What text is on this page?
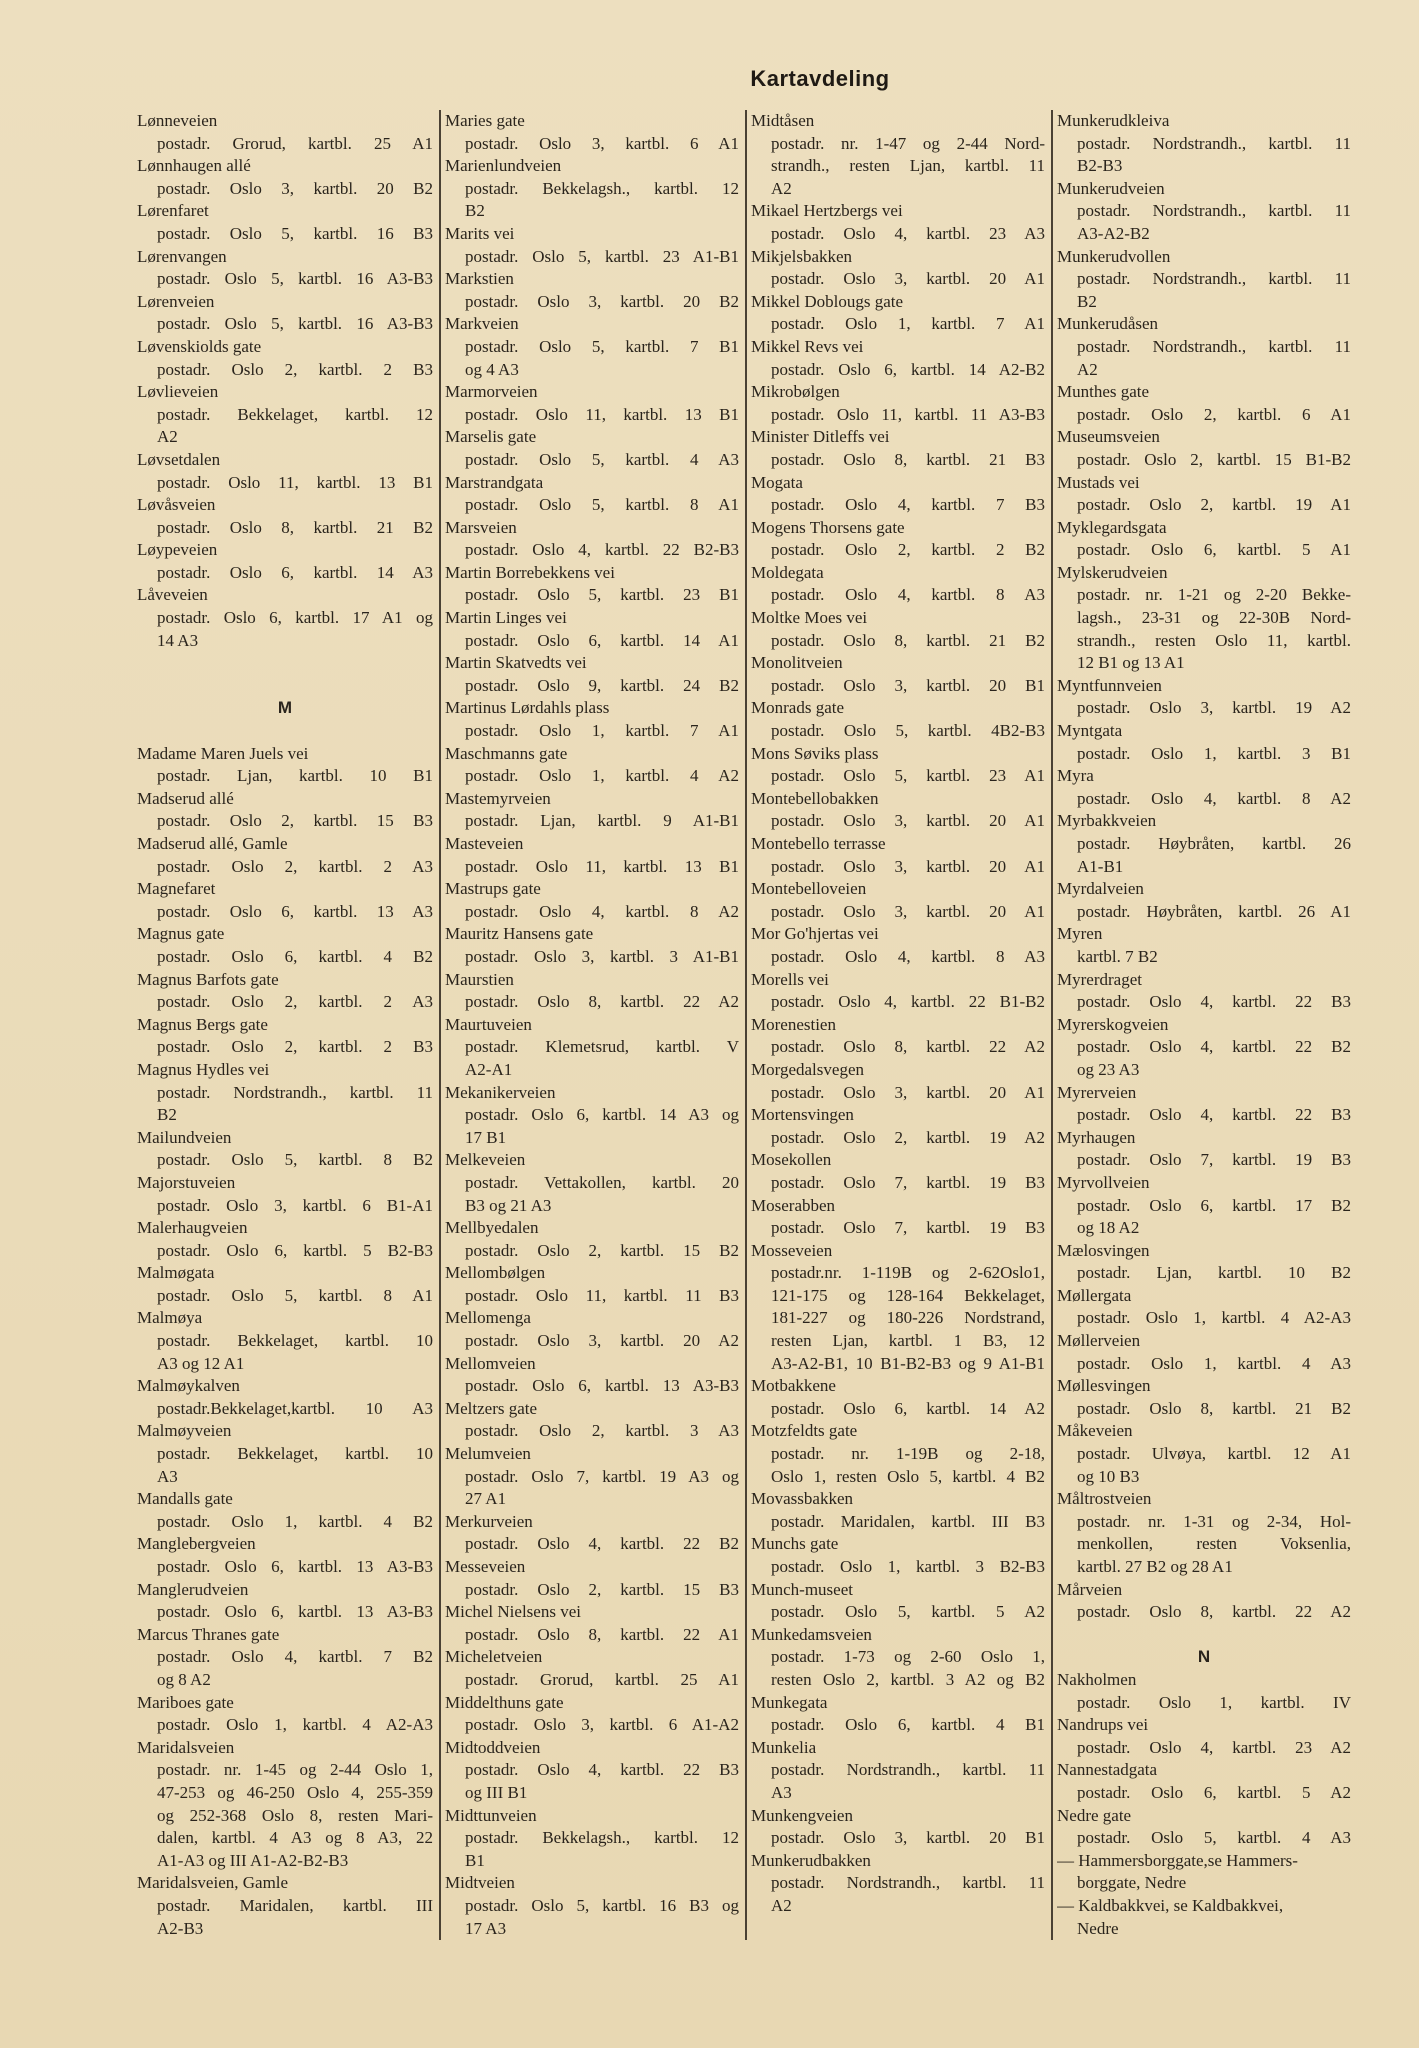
Kartavdeling
Lønneveien
postadr. Grorud, kartbl. 25 A1
Lønnhaugen allé
postadr. Oslo 3, kartbl. 20 B2
Lørenfaret
postadr. Oslo 5, kartbl. 16 B3
Lørenvangen
postadr. Oslo 5, kartbl. 16 A3-B3
Lørenveien
postadr. Oslo 5, kartbl. 16 A3-B3
Løvenskiolds gate
postadr. Oslo 2, kartbl. 2 B3
Løvlieveien
postadr. Bekkelaget, kartbl. 12
A2
Løvsetdalen
postadr. Oslo 11, kartbl. 13 B1
Løvåsveien
postadr. Oslo 8, kartbl. 21 B2
Løypeveien
postadr. Oslo 6, kartbl. 14 A3
Låveveien
postadr. Oslo 6, kartbl. 17 A1 og
14 A3
M
Madame Maren Juels vei
postadr. Ljan, kartbl. 10 B1
Madserud allé
postadr. Oslo 2, kartbl. 15 B3
Madserud allé, Gamle
postadr. Oslo 2, kartbl. 2 A3
Magnefaret
postadr. Oslo 6, kartbl. 13 A3
Magnus gate
postadr. Oslo 6, kartbl. 4 B2
Magnus Barfots gate
postadr. Oslo 2, kartbl. 2 A3
Magnus Bergs gate
postadr. Oslo 2, kartbl. 2 B3
Magnus Hydles vei
postadr. Nordstrandh., kartbl. 11
B2
Mailundveien
postadr. Oslo 5, kartbl. 8 B2
Majorstuveien
postadr. Oslo 3, kartbl. 6 B1-A1
Malerhaugveien
postadr. Oslo 6, kartbl. 5 B2-B3
Malmøgata
postadr. Oslo 5, kartbl. 8 A1
Malmøya
postadr. Bekkelaget, kartbl. 10
A3 og 12 A1
Malmøykalven
postadr.Bekkelaget,kartbl. 10 A3
Malmøyveien
postadr. Bekkelaget, kartbl. 10
A3
Mandalls gate
postadr. Oslo 1, kartbl. 4 B2
Manglebergveien
postadr. Oslo 6, kartbl. 13 A3-B3
Manglerudveien
postadr. Oslo 6, kartbl. 13 A3-B3
Marcus Thranes gate
postadr. Oslo 4, kartbl. 7 B2
og 8 A2
Mariboes gate
postadr. Oslo 1, kartbl. 4 A2-A3
Maridalsveien
postadr. nr. 1-45 og 2-44 Oslo 1,
47-253 og 46-250 Oslo 4, 255-359
og 252-368 Oslo 8, resten Mari-
dalen, kartbl. 4 A3 og 8 A3, 22
A1-A3 og III A1-A2-B2-B3
Maridalsveien, Gamle
postadr. Maridalen, kartbl. III
A2-B3
Maries gate
postadr. Oslo 3, kartbl. 6 A1
Marienlundveien
postadr. Bekkelagsh., kartbl. 12
B2
Marits vei
postadr. Oslo 5, kartbl. 23 A1-B1
Markstien
postadr. Oslo 3, kartbl. 20 B2
Markveien
postadr. Oslo 5, kartbl. 7 B1
og 4 A3
Marmorveien
postadr. Oslo 11, kartbl. 13 B1
Marselis gate
postadr. Oslo 5, kartbl. 4 A3
Marstrandgata
postadr. Oslo 5, kartbl. 8 A1
Marsveien
postadr. Oslo 4, kartbl. 22 B2-B3
Martin Borrebekkens vei
postadr. Oslo 5, kartbl. 23 B1
Martin Linges vei
postadr. Oslo 6, kartbl. 14 A1
Martin Skatvedts vei
postadr. Oslo 9, kartbl. 24 B2
Martinus Lørdahls plass
postadr. Oslo 1, kartbl. 7 A1
Maschmanns gate
postadr. Oslo 1, kartbl. 4 A2
Mastemyrveien
postadr. Ljan, kartbl. 9 A1-B1
Masteveien
postadr. Oslo 11, kartbl. 13 B1
Mastrups gate
postadr. Oslo 4, kartbl. 8 A2
Mauritz Hansens gate
postadr. Oslo 3, kartbl. 3 A1-B1
Maurstien
postadr. Oslo 8, kartbl. 22 A2
Maurtuveien
postadr. Klemetsrud, kartbl. V
A2-A1
Mekanikerveien
postadr. Oslo 6, kartbl. 14 A3 og
17 B1
Melkeveien
postadr. Vettakollen, kartbl. 20
B3 og 21 A3
Mellbyedalen
postadr. Oslo 2, kartbl. 15 B2
Mellombølgen
postadr. Oslo 11, kartbl. 11 B3
Mellomenga
postadr. Oslo 3, kartbl. 20 A2
Mellomveien
postadr. Oslo 6, kartbl. 13 A3-B3
Meltzers gate
postadr. Oslo 2, kartbl. 3 A3
Melumveien
postadr. Oslo 7, kartbl. 19 A3 og
27 A1
Merkurveien
postadr. Oslo 4, kartbl. 22 B2
Messeveien
postadr. Oslo 2, kartbl. 15 B3
Michel Nielsens vei
postadr. Oslo 8, kartbl. 22 A1
Micheletveien
postadr. Grorud, kartbl. 25 A1
Middelthuns gate
postadr. Oslo 3, kartbl. 6 A1-A2
Midtoddveien
postadr. Oslo 4, kartbl. 22 B3
og III B1
Midttunveien
postadr. Bekkelagsh., kartbl. 12
B1
Midtveien
postadr. Oslo 5, kartbl. 16 B3 og
17 A3
Midtåsen
postadr. nr. 1-47 og 2-44 Nord-
strandh., resten Ljan, kartbl. 11
A2
Mikael Hertzbergs vei
postadr. Oslo 4, kartbl. 23 A3
Mikjelsbakken
postadr. Oslo 3, kartbl. 20 A1
Mikkel Doblougs gate
postadr. Oslo 1, kartbl. 7 A1
Mikkel Revs vei
postadr. Oslo 6, kartbl. 14 A2-B2
Mikrobølgen
postadr. Oslo 11, kartbl. 11 A3-B3
Minister Ditleffs vei
postadr. Oslo 8, kartbl. 21 B3
Mogata
postadr. Oslo 4, kartbl. 7 B3
Mogens Thorsens gate
postadr. Oslo 2, kartbl. 2 B2
Moldegata
postadr. Oslo 4, kartbl. 8 A3
Moltke Moes vei
postadr. Oslo 8, kartbl. 21 B2
Monolitveien
postadr. Oslo 3, kartbl. 20 B1
Monrads gate
postadr. Oslo 5, kartbl. 4B2-B3
Mons Søviks plass
postadr. Oslo 5, kartbl. 23 A1
Montebellobakken
postadr. Oslo 3, kartbl. 20 A1
Montebello terrasse
postadr. Oslo 3, kartbl. 20 A1
Montebelloveien
postadr. Oslo 3, kartbl. 20 A1
Mor Go'hjertas vei
postadr. Oslo 4, kartbl. 8 A3
Morells vei
postadr. Oslo 4, kartbl. 22 B1-B2
Morenestien
postadr. Oslo 8, kartbl. 22 A2
Morgedalsvegen
postadr. Oslo 3, kartbl. 20 A1
Mortensvingen
postadr. Oslo 2, kartbl. 19 A2
Mosekollen
postadr. Oslo 7, kartbl. 19 B3
Moserabben
postadr. Oslo 7, kartbl. 19 B3
Mosseveien
postadr.nr. 1-119B og 2-62Oslo1,
121-175 og 128-164 Bekkelaget,
181-227 og 180-226 Nordstrand,
resten Ljan, kartbl. 1 B3, 12
A3-A2-B1, 10 B1-B2-B3 og 9 A1-B1
Motbakkene
postadr. Oslo 6, kartbl. 14 A2
Motzfeldts gate
postadr. nr. 1-19B og 2-18,
Oslo 1, resten Oslo 5, kartbl. 4 B2
Movassbakken
postadr. Maridalen, kartbl. III B3
Munchs gate
postadr. Oslo 1, kartbl. 3 B2-B3
Munch-museet
postadr. Oslo 5, kartbl. 5 A2
Munkedamsveien
postadr. 1-73 og 2-60 Oslo 1,
resten Oslo 2, kartbl. 3 A2 og B2
Munkegata
postadr. Oslo 6, kartbl. 4 B1
Munkelia
postadr. Nordstrandh., kartbl. 11
A3
Munkengveien
postadr. Oslo 3, kartbl. 20 B1
Munkerudbakken
postadr. Nordstrandh., kartbl. 11
A2
Munkerudkleiva
postadr. Nordstrandh., kartbl. 11
B2-B3
Munkerudveien
postadr. Nordstrandh., kartbl. 11
A3-A2-B2
Munkerudvollen
postadr. Nordstrandh., kartbl. 11
B2
Munkerudåsen
postadr. Nordstrandh., kartbl. 11
A2
Munthes gate
postadr. Oslo 2, kartbl. 6 A1
Museumsveien
postadr. Oslo 2, kartbl. 15 B1-B2
Mustads vei
postadr. Oslo 2, kartbl. 19 A1
Myklegardsgata
postadr. Oslo 6, kartbl. 5 A1
Mylskerudveien
postadr. nr. 1-21 og 2-20 Bekke-
lagsh., 23-31 og 22-30B Nord-
strandh., resten Oslo 11, kartbl.
12 B1 og 13 A1
Myntfunnveien
postadr. Oslo 3, kartbl. 19 A2
Myntgata
postadr. Oslo 1, kartbl. 3 B1
Myra
postadr. Oslo 4, kartbl. 8 A2
Myrbakkveien
postadr. Høybråten, kartbl. 26
A1-B1
Myrdalveien
postadr. Høybråten, kartbl. 26 A1
Myren
kartbl. 7 B2
Myrerdraget
postadr. Oslo 4, kartbl. 22 B3
Myrerskogveien
postadr. Oslo 4, kartbl. 22 B2
og 23 A3
Myrerveien
postadr. Oslo 4, kartbl. 22 B3
Myrhaugen
postadr. Oslo 7, kartbl. 19 B3
Myrvollveien
postadr. Oslo 6, kartbl. 17 B2
og 18 A2
Mælosvingen
postadr. Ljan, kartbl. 10 B2
Møllergata
postadr. Oslo 1, kartbl. 4 A2-A3
Møllerveien
postadr. Oslo 1, kartbl. 4 A3
Møllesvingen
postadr. Oslo 8, kartbl. 21 B2
Måkeveien
postadr. Ulvøya, kartbl. 12 A1
og 10 B3
Måltrostveien
postadr. nr. 1-31 og 2-34, Hol-
menkollen, resten Voksenlia,
kartbl. 27 B2 og 28 A1
Mårveien
postadr. Oslo 8, kartbl. 22 A2
N
Nakholmen
postadr. Oslo 1, kartbl. IV
Nandrups vei
postadr. Oslo 4, kartbl. 23 A2
Nannestadgata
postadr. Oslo 6, kartbl. 5 A2
Nedre gate
postadr. Oslo 5, kartbl. 4 A3
— Hammersborggate,se Hammers-
borggate, Nedre
— Kaldbakkvei, se Kaldbakkvei,
Nedre
